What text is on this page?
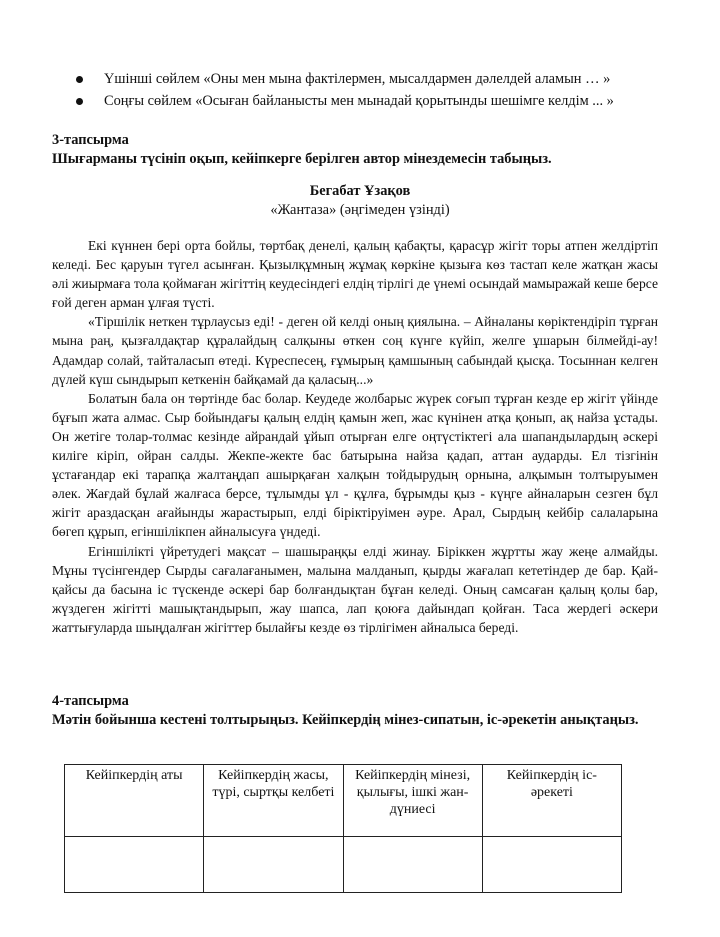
Үшінші сөйлем «Оны мен мына фактілермен, мысалдармен дәлелдей аламын … »
Соңғы сөйлем «Осыған байланысты мен мынадай қорытынды шешімге келдім ... »
3-тапсырма
Шығарманы түсініп оқып, кейіпкерге берілген автор мінездемесін табыңыз.
Бегабат Ұзақов
«Жантаза» (әңгімеден үзінді)

Екі күннен бері орта бойлы, төртбақ денелі, қалың қабақты, қарасұр жігіт торы атпен желдіртіп келеді. Бес қаруын түгел асынған. Қызылқұмның жұмақ көркіне қызыға көз тастап келе жатқан жасы әлі жиырмаға тола қоймаған жігіттің кеудесіндегі елдің тірлігі де үнемі осындай мамыражай кеше берсе ғой деген арман ұлғая түсті.

«Тіршілік неткен тұрлаусыз еді! - деген ой келді оның қиялына. – Айналаны көріктендіріп тұрған мына раң, қызғалдақтар құралайдың салқыны өткен соң күнге күйіп, желге ұшарын білмейді-ау! Адамдар солай, тайталасып өтеді. Күреспесең, ғұмырың қамшының сабындай қысқа. Тосыннан келген дүлей күш сындырып кеткенін байқамай да қаласың...»

Болатын бала он төртінде бас болар. Кеудеде жолбарыс жүрек соғып тұрған кезде ер жігіт үйінде бұғып жата алмас. Сыр бойындағы қалың елдің қамын жеп, жас күнінен атқа қонып, ақ найза ұстады. Он жетіге толар-толмас кезінде айрандай ұйып отырған елге оңтүстіктегі ала шапандылардың әскері килiге кіріп, ойран салды. Жекпе-жекте бас батырына найза қадап, аттан аударды. Ел тізгінін ұстағандар екі тарапқа жалтаңдап ашырқаған халқын тойдырудың орнына, алқымын толтыруымен әлек. Жағдай бұлай жалғаса берсе, тұлымды ұл - құлға, бұрымды қыз - күңге айналарын сезген бұл жігіт араздасқан ағайынды жарастырып, елді біріктіруімен әуре. Арал, Сырдың кейбір салаларына бөгеп құрып, егіншілікпен айналысуға үндеді.

Егіншілікті үйретудегі мақсат – шашыраңқы елді жинау. Біріккен жұртты жау жеңе алмайды. Мұны түсінгендер Сырды сағалағанымен, малына малданып, қырды жағалап кететіндер де бар. Қай-қайсы да басына іс түскенде әскері бар болғандықтан бұған келеді. Оның самсаған қалың қолы бар, жүздеген жігітті машықтандырып, жау шапса, лап қоюға дайындап қойған. Таса жердегі әскери жаттығуларда шыңдалған жігіттер былайғы кезде өз тірлігімен айналыса береді.

4-тапсырма
Мәтін бойынша кестені толтырыңыз. Кейіпкердің мінез-сипатын, іс-әрекетін анықтаңыз.
Кейіпкердің аты	Кейіпкердің жасы, түрі, сыртқы келбеті	Кейіпкердің мінезі, қылығы, ішкі жан-дүниесі	Кейіпкердің іс-әрекеті
